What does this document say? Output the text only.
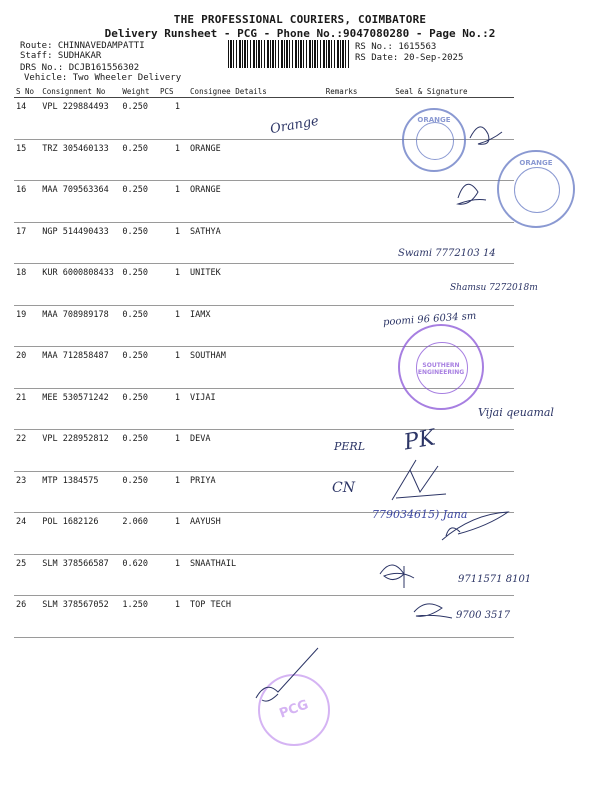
THE PROFESSIONAL COURIERS, COIMBATORE
Delivery Runsheet - PCG - Phone No.:9047080280 - Page No.:2
Route: CHINNAVEDAMPATTI
Staff: SUDHAKAR
DRS No.: DCJB161556302
Vehicle: Two Wheeler Delivery
RS No.: 1615563
RS Date: 20-Sep-2025
S No	Consignment No	Weight	PCS	Consignee Details	Remarks	Seal & Signature
14	VPL 229884493	0.250	1			
15	TRZ 305460133	0.250	1	ORANGE		
16	MAA 709563364	0.250	1	ORANGE		
17	NGP 514490433	0.250	1	SATHYA		
18	KUR 6000808433	0.250	1	UNITEK		
19	MAA 708989178	0.250	1	IAMX		
20	MAA 712858487	0.250	1	SOUTHAM		
21	MEE 530571242	0.250	1	VIJAI		
22	VPL 228952812	0.250	1	DEVA		
23	MTP 1384575	0.250	1	PRIYA		
24	POL 1682126	2.060	1	AAYUSH		
25	SLM 378566587	0.620	1	SNAATHAIL		
26	SLM 378567052	1.250	1	TOP TECH		
ORANGE
ORANGE
SOUTHERN ENGINEERING
PCG
Orange
Swami 7772103 14
Shamsu 7272018m
poomi 96 6034 sm
Vijai qeuamal
PERL PK
CN
779034615) Jana
9711571 8101
9700 3517
